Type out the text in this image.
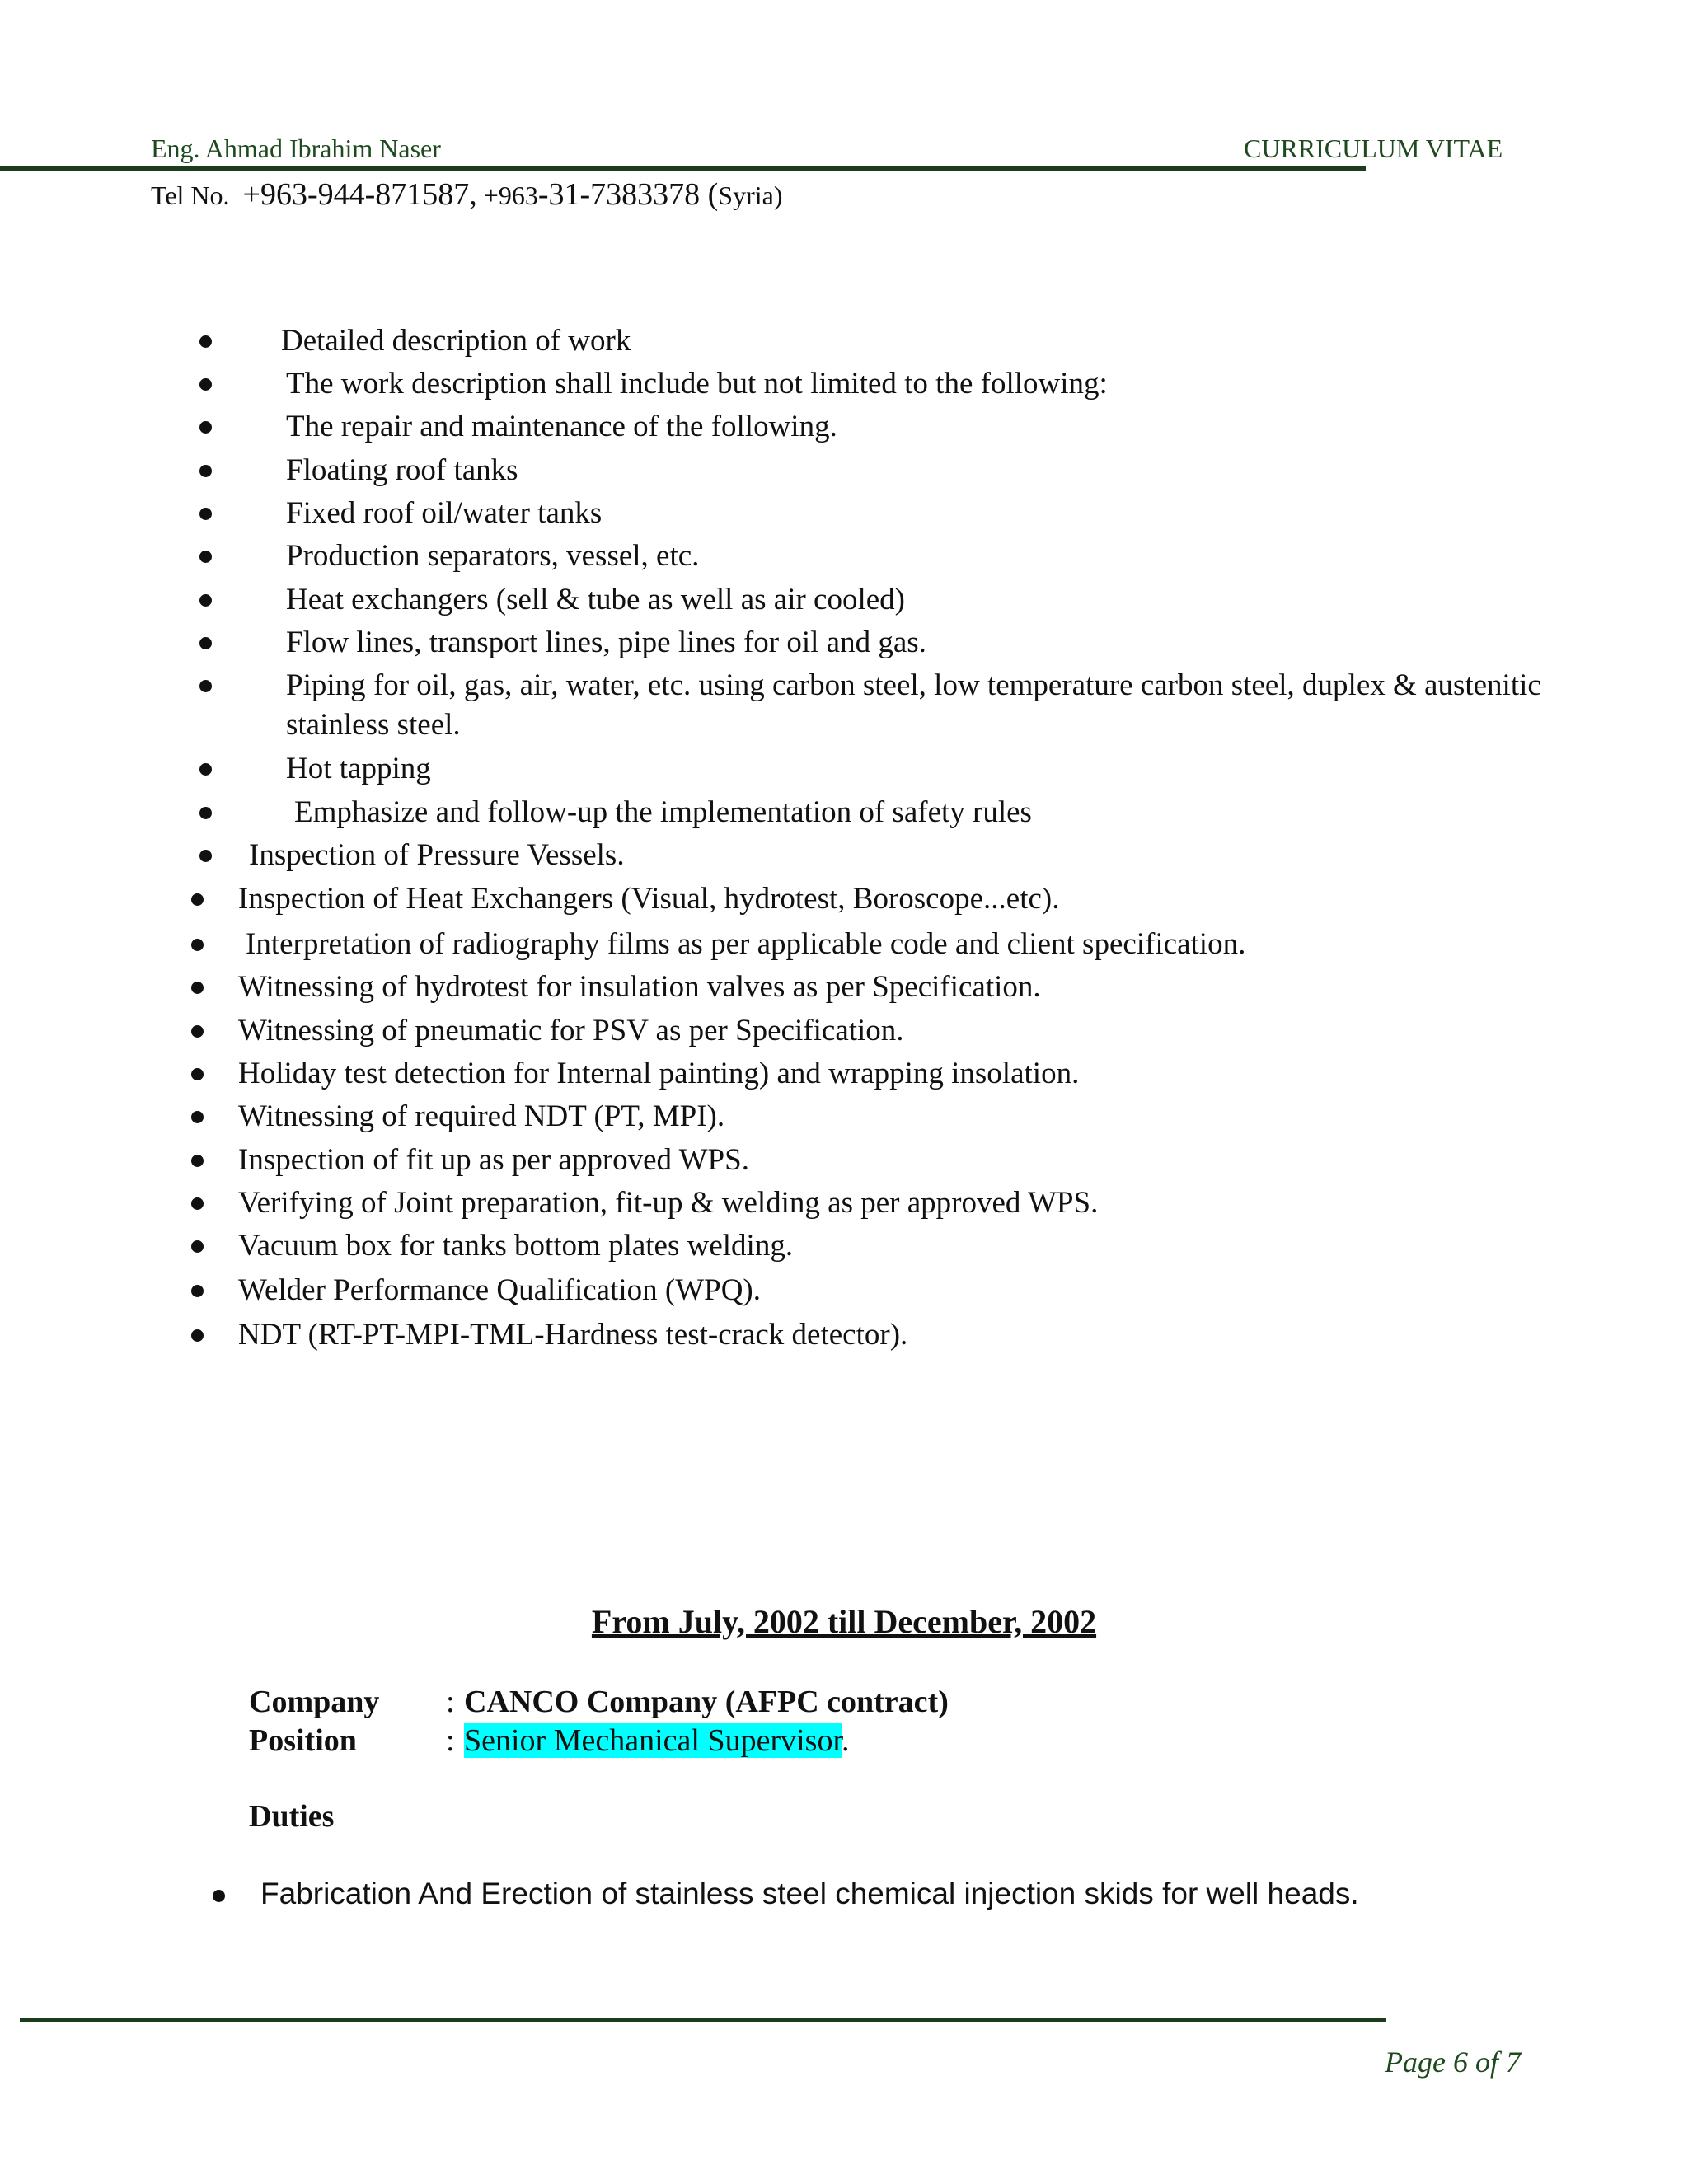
Eng. Ahmad Ibrahim Naser	CURRICULUM VITAE
Tel No. +963-944-871587, +963-31-7383378 (Syria)
Detailed description of work
The work description shall include but not limited to the following:
The repair and maintenance of the following.
Floating roof tanks
Fixed roof oil/water tanks
Production separators, vessel, etc.
Heat exchangers (sell & tube as well as air cooled)
Flow lines, transport lines, pipe lines for oil and gas.
Piping for oil, gas, air, water, etc. using carbon steel, low temperature carbon steel, duplex & austenitic stainless steel.
Hot tapping
Emphasize and follow-up the implementation of safety rules
Inspection of Pressure Vessels.
Inspection of Heat Exchangers (Visual, hydrotest, Boroscope...etc).
Interpretation of radiography films as per applicable code and client specification.
Witnessing of hydrotest for insulation valves as per Specification.
Witnessing of pneumatic for PSV as per Specification.
Holiday test detection for Internal painting) and wrapping insolation.
Witnessing of required NDT (PT, MPI).
Inspection of fit up as per approved WPS.
Verifying of Joint preparation, fit-up & welding as per approved WPS.
Vacuum box for tanks bottom plates welding.
Welder Performance Qualification (WPQ).
NDT (RT-PT-MPI-TML-Hardness test-crack detector).
From July, 2002 till December, 2002
Company : CANCO Company (AFPC contract)
Position	: Senior Mechanical Supervisor.
Duties
Fabrication And Erection of stainless steel chemical injection skids for well heads.
Page 6 of 7
